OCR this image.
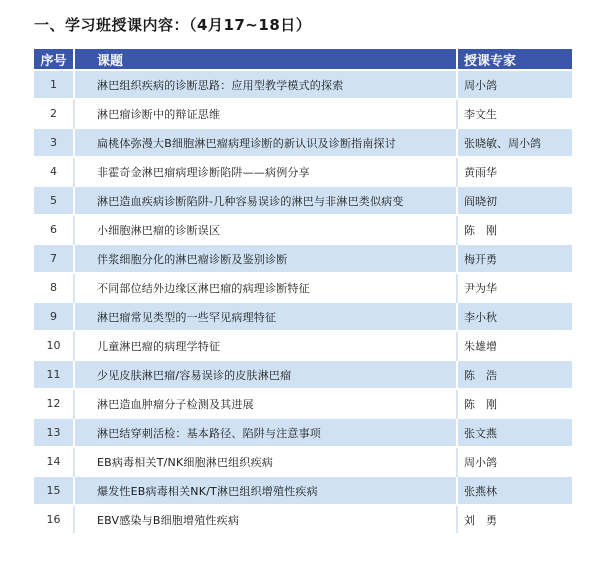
一、学习班授课内容：（4月17~18日）
序号	课题	授课专家
1	淋巴组织疾病的诊断思路：应用型教学模式的探索	周小鸽
2	淋巴瘤诊断中的辩证思维	李文生
3	扁桃体弥漫大B细胞淋巴瘤病理诊断的新认识及诊断指南探讨	张晓敏、周小鸽
4	非霍奇金淋巴瘤病理诊断陷阱——病例分享	黄雨华
5	淋巴造血疾病诊断陷阱-几种容易误诊的淋巴与非淋巴类似病变	阎晓初
6	小细胞淋巴瘤的诊断误区	陈　刚
7	伴浆细胞分化的淋巴瘤诊断及鉴别诊断	梅开勇
8	不同部位结外边缘区淋巴瘤的病理诊断特征	尹为华
9	淋巴瘤常见类型的一些罕见病理特征	李小秋
10	儿童淋巴瘤的病理学特征	朱雄增
11	少见皮肤淋巴瘤/容易误诊的皮肤淋巴瘤	陈　浩
12	淋巴造血肿瘤分子检测及其进展	陈　刚
13	淋巴结穿刺活检：基本路径、陷阱与注意事项	张文燕
14	EB病毒相关T/NK细胞淋巴组织疾病	周小鸽
15	爆发性EB病毒相关NK/T淋巴组织增殖性疾病	张燕林
16	EBV感染与B细胞增殖性疾病	刘　勇
